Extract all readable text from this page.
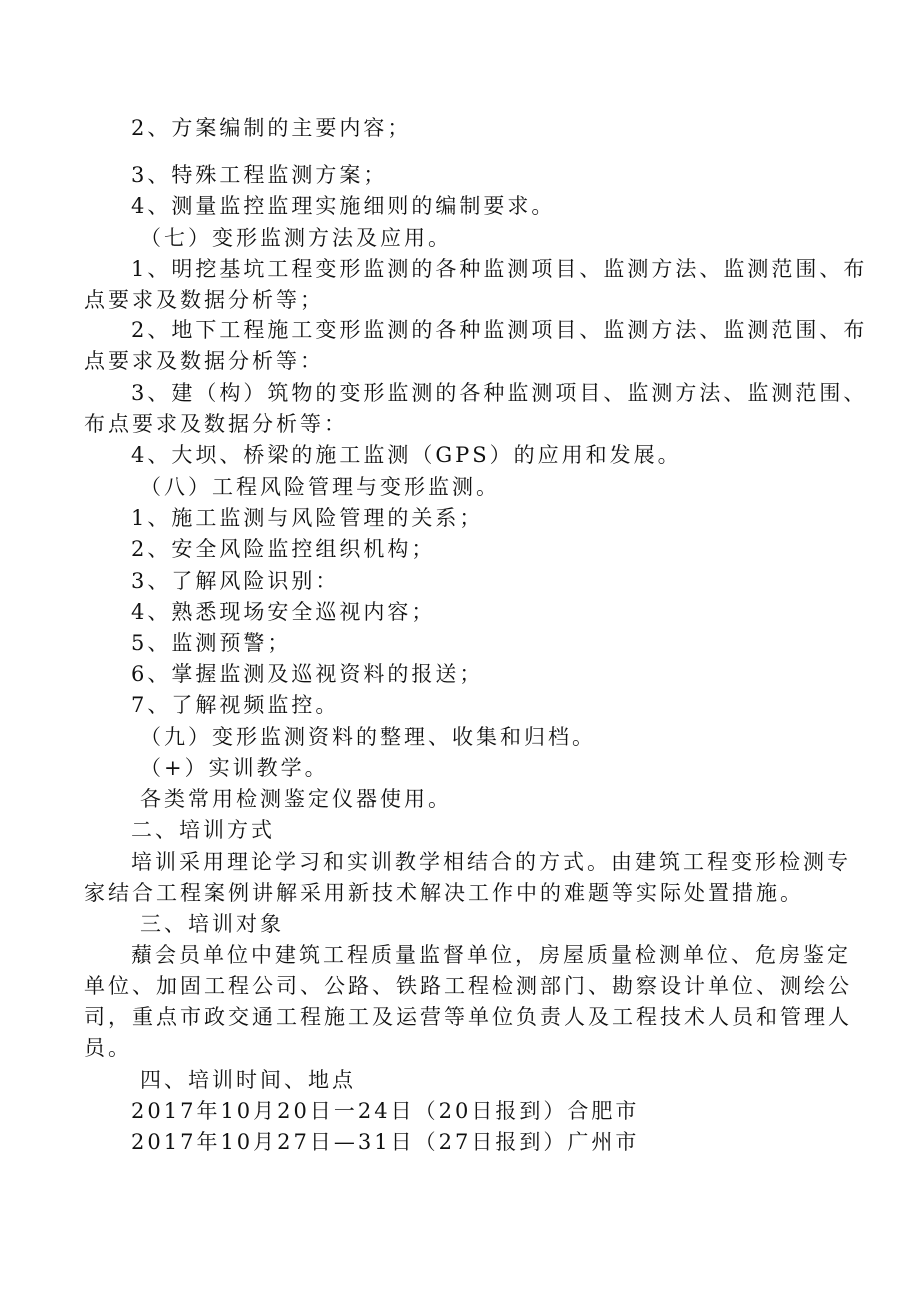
2、方案编制的主要内容；
3、特殊工程监测方案；
4、测量监控监理实施细则的编制要求。
（七）变形监测方法及应用。
1、明挖基坑工程变形监测的各种监测项目、监测方法、监测范围、布
点要求及数据分析等；
2、地下工程施工变形监测的各种监测项目、监测方法、监测范围、布
点要求及数据分析等：
3、建（构）筑物的变形监测的各种监测项目、监测方法、监测范围、
布点要求及数据分析等：
4、大坝、桥梁的施工监测（GPS）的应用和发展。
（八）工程风险管理与变形监测。
1、施工监测与风险管理的关系；
2、安全风险监控组织机构；
3、了解风险识别：
4、熟悉现场安全巡视内容；
5、监测预警；
6、掌握监测及巡视资料的报送；
7、了解视频监控。
（九）变形监测资料的整理、收集和归档。
（+）实训教学。
各类常用检测鉴定仪器使用。
二、培训方式
培训采用理论学习和实训教学相结合的方式。由建筑工程变形检测专
家结合工程案例讲解采用新技术解决工作中的难题等实际处置措施。
三、培训对象
蘈会员单位中建筑工程质量监督单位，房屋质量检测单位、危房鉴定
单位、加固工程公司、公路、铁路工程检测部门、勘察设计单位、测绘公
司，重点市政交通工程施工及运营等单位负责人及工程技术人员和管理人
员。
四、培训时间、地点
2017年10月20日一24日（20日报到）合肥市
2017年10月27日—31日（27日报到）广州市
